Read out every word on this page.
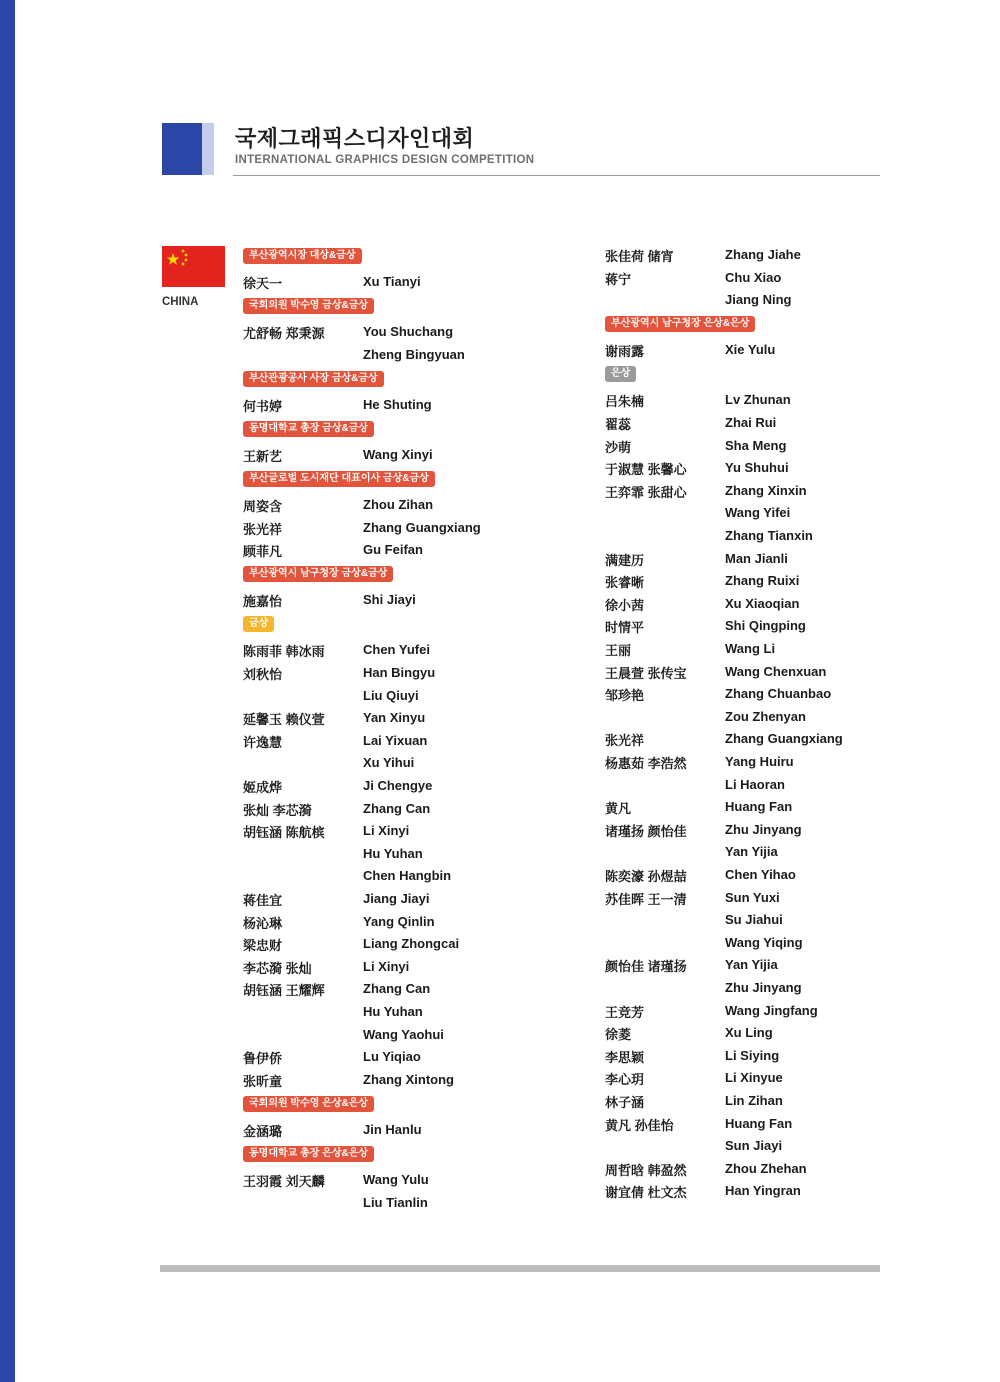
국제그래픽스디자인대회
INTERNATIONAL GRAPHICS DESIGN COMPETITION
CHINA
부산광역시장 대상&금상
徐天一	Xu Tianyi
국회의원 박수영 금상&금상
尤舒畅 郑秉源	You Shuchang
Zheng Bingyuan
부산관광공사 사장 금상&금상
何书婷	He Shuting
동명대학교 총장 금상&금상
王新艺	Wang Xinyi
부산글로벌 도시재단 대표이사 금상&금상
周姿含	Zhou Zihan
张光祥	Zhang Guangxiang
顾菲凡	Gu Feifan
부산광역시 남구청장 금상&금상
施嘉怡	Shi Jiayi
금상
陈雨菲 韩冰雨	Chen Yufei
刘秋怡	Han Bingyu
Liu Qiuyi
延馨玉 赖仪萱	Yan Xinyu
许逸慧	Lai Yixuan
Xu Yihui
姬成烨	Ji Chengye
张灿 李芯漪	Zhang Can
胡钰涵 陈航槟	Li Xinyi
Hu Yuhan
Chen Hangbin
蒋佳宜	Jiang Jiayi
杨沁琳	Yang Qinlin
梁忠财	Liang Zhongcai
李芯漪 张灿	Li Xinyi
胡钰涵 王耀辉	Zhang Can
Hu Yuhan
Wang Yaohui
鲁伊侨	Lu Yiqiao
张昕童	Zhang Xintong
국회의원 박수영 은상&은상
金涵璐	Jin Hanlu
동명대학교 총장 은상&은상
王羽霞 刘天麟	Wang Yulu
Liu Tianlin
张佳荷 储宵	Zhang Jiahe
蒋宁	Chu Xiao
Jiang Ning
부산광역시 남구청장 은상&은상
谢雨露	Xie Yulu
은상
吕朱楠	Lv Zhunan
翟蕊	Zhai Rui
沙萌	Sha Meng
于淑慧 张馨心	Yu Shuhui
王弈霏 张甜心	Zhang Xinxin
Wang Yifei
Zhang Tianxin
满建历	Man Jianli
张睿晰	Zhang Ruixi
徐小茜	Xu Xiaoqian
时情平	Shi Qingping
王丽	Wang Li
王晨萱 张传宝	Wang Chenxuan
邹珍艳	Zhang Chuanbao
Zou Zhenyan
张光祥	Zhang Guangxiang
杨惠茹 李浩然	Yang Huiru
Li Haoran
黄凡	Huang Fan
诸瑾扬 颜怡佳	Zhu Jinyang
Yan Yijia
陈奕濠 孙煜喆	Chen Yihao
苏佳晖 王一清	Sun Yuxi
Su Jiahui
Wang Yiqing
颜怡佳 诸瑾扬	Yan Yijia
Zhu Jinyang
王竞芳	Wang Jingfang
徐菱	Xu Ling
李思颖	Li Siying
李心玥	Li Xinyue
林子涵	Lin Zihan
黄凡 孙佳怡	Huang Fan
Sun Jiayi
周哲晗 韩盈然	Zhou Zhehan
谢宜倩 杜文杰	Han Yingran
